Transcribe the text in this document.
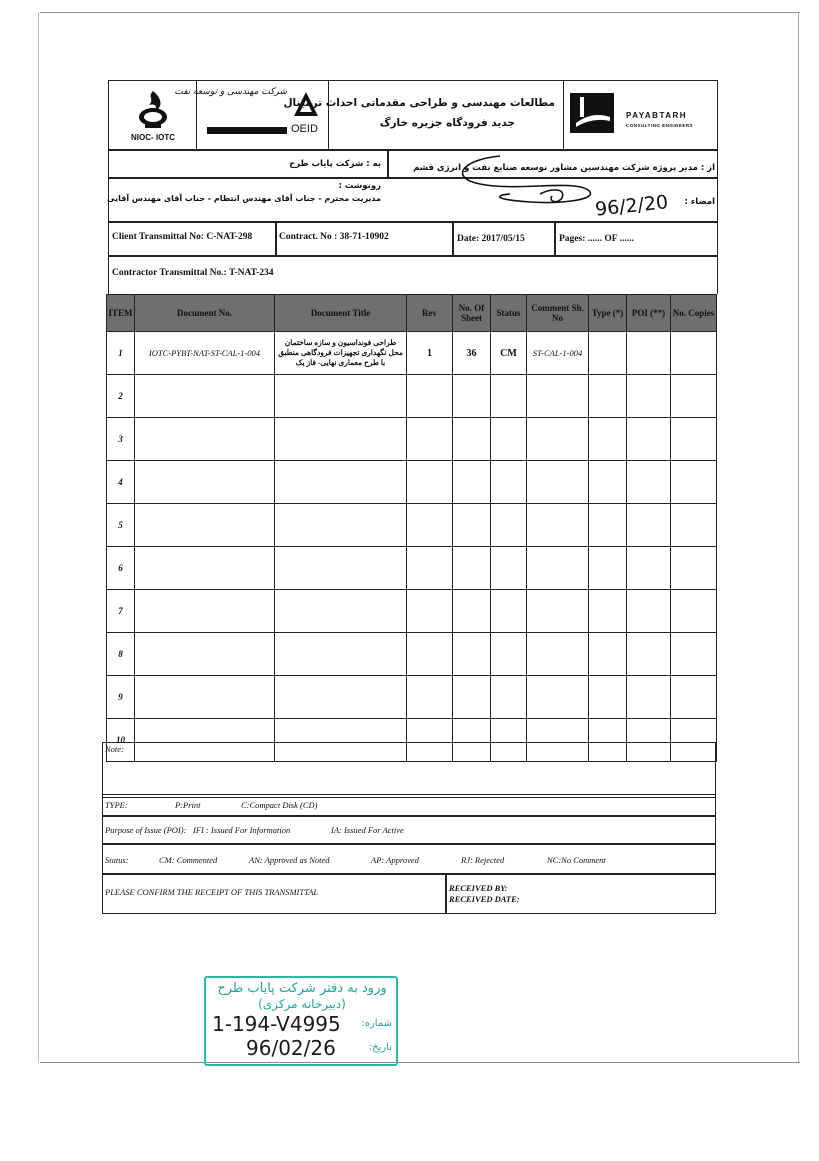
NIOC- IOTC
شرکت مهندسی و توسعه نفت
OEID
مطالعات مهندسی و طراحی مقدماتی احداث ترمینال
جدید فرودگاه جزیره خارگ
PAYABTARH
CONSULTING ENGINEERS
به : شرکت پایاب طرح	از : مدیر پروژه شرکت مهندسین مشاور توسعه صنایع نفت و انرژی قشم
رونوشت :
مدیریت محترم - جناب آقای مهندس انتظام - جناب آقای مهندس آقایی	امضاء :
96/2/20
Client Transmittal No: C-NAT-298	Contract. No : 38-71-10902	Date: 2017/05/15	Pages: ...... OF ......
Contractor Transmittal No.: T-NAT-234
ITEM	Document No.	Document Title	Rev	No. Of Sheet	Status	Comment Sh. No	Type (*)	POI (**)	No. Copies
1	IOTC-PYBT-NAT-ST-CAL-1-004	طراحی فونداسیون و سازه ساختمان محل نگهداری تجهیزات فرودگاهی منطبق با طرح معماری نهایی- فاز یک	1	36	CM	ST-CAL-1-004			
2									
3									
4									
5									
6									
7									
8									
9									
10									
Note:
TYPE:	P:Print	C:Compact Disk (CD)
Purpose of Issue (POI): IFI : Issued For Information	IA: Issued For Active
Status:	CM: Commented	AN: Approved as Noted	AP: Approved	RJ: Rejected	NC:No Comment
PLEASE CONFIRM THE RECEIPT OF THIS TRANSMITTAL	RECEIVED BY:
RECEIVED DATE:
ورود به دفتر شرکت پایاب طرح
(دبیرخانه مرکزی)
شماره:
1-194-V4995
تاریخ:
96/02/26
